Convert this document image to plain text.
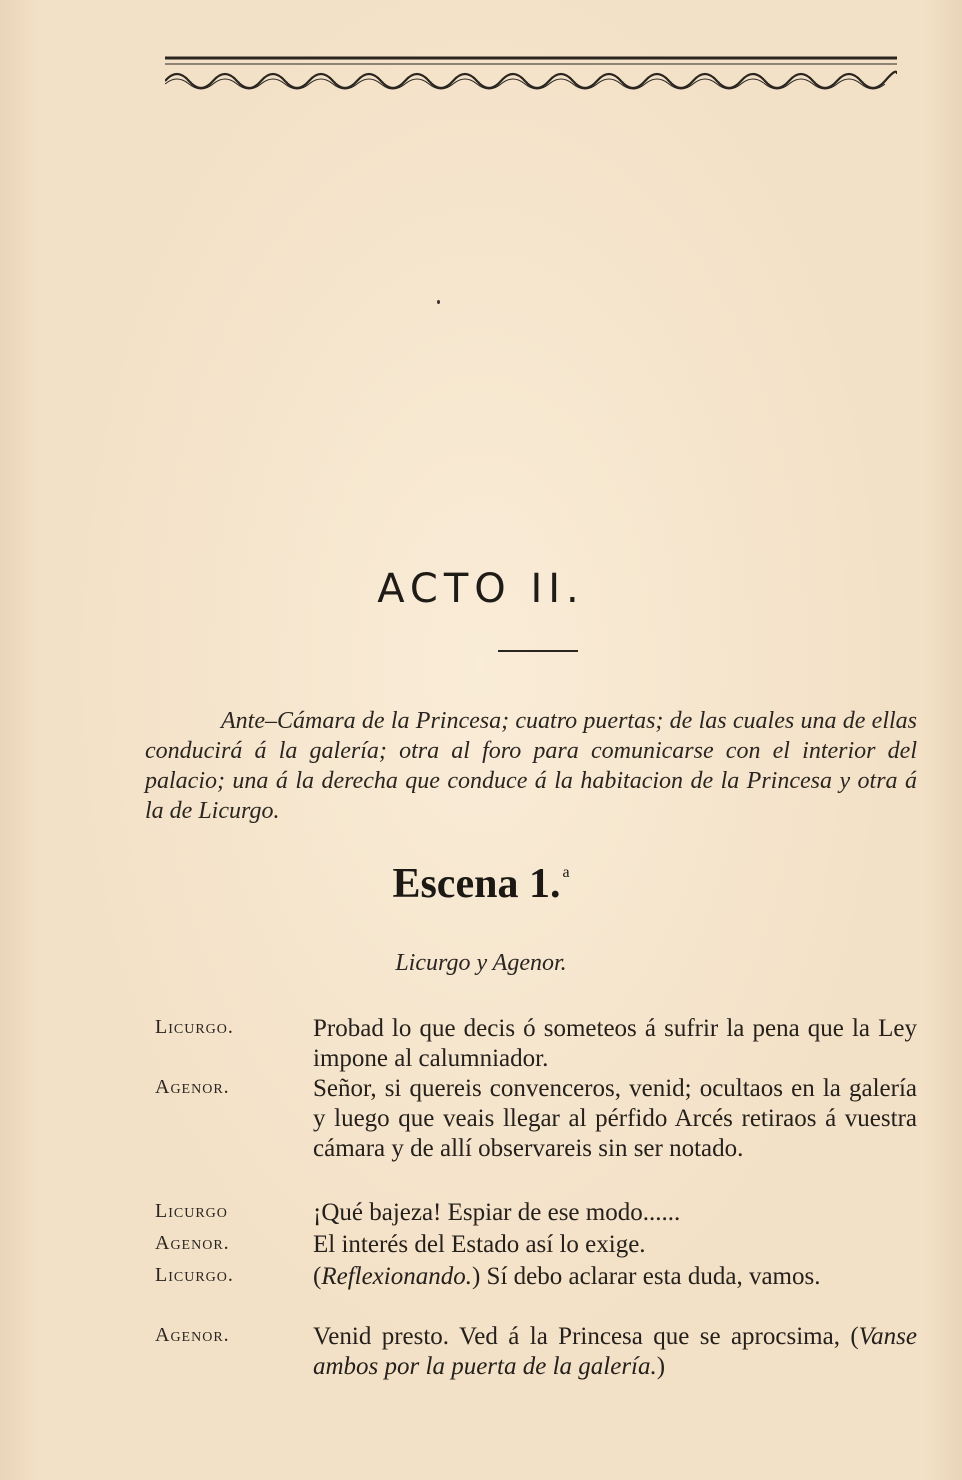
ACTO II.

Ante–Cámara de la Princesa; cuatro puertas; de las cuales una de ellas conducirá á la galería; otra al foro para comunicarse con el interior del palacio; una á la derecha que conduce á la habitacion de la Princesa y otra á la de Licurgo.

Escena 1. $^a$
Licurgo y Agenor.
Licurgo.	Probad lo que decis ó someteos á sufrir la pena que la Ley impone al calumniador.

Agenor.	Señor, si quereis convenceros, venid; ocultaos en la galería y luego que veais llegar al pérfido Arcés retiraos á vuestra cámara y de allí observareis sin ser notado.

Licurgo	¡Qué bajeza! Espiar de ese modo......

Agenor.	El interés del Estado así lo exige.

Licurgo.	(Reflexionando.) Sí debo aclarar esta duda, vamos.

Agenor.	Venid presto. Ved á la Princesa que se aprocsima, (Vanse ambos por la puerta de la galería.)
